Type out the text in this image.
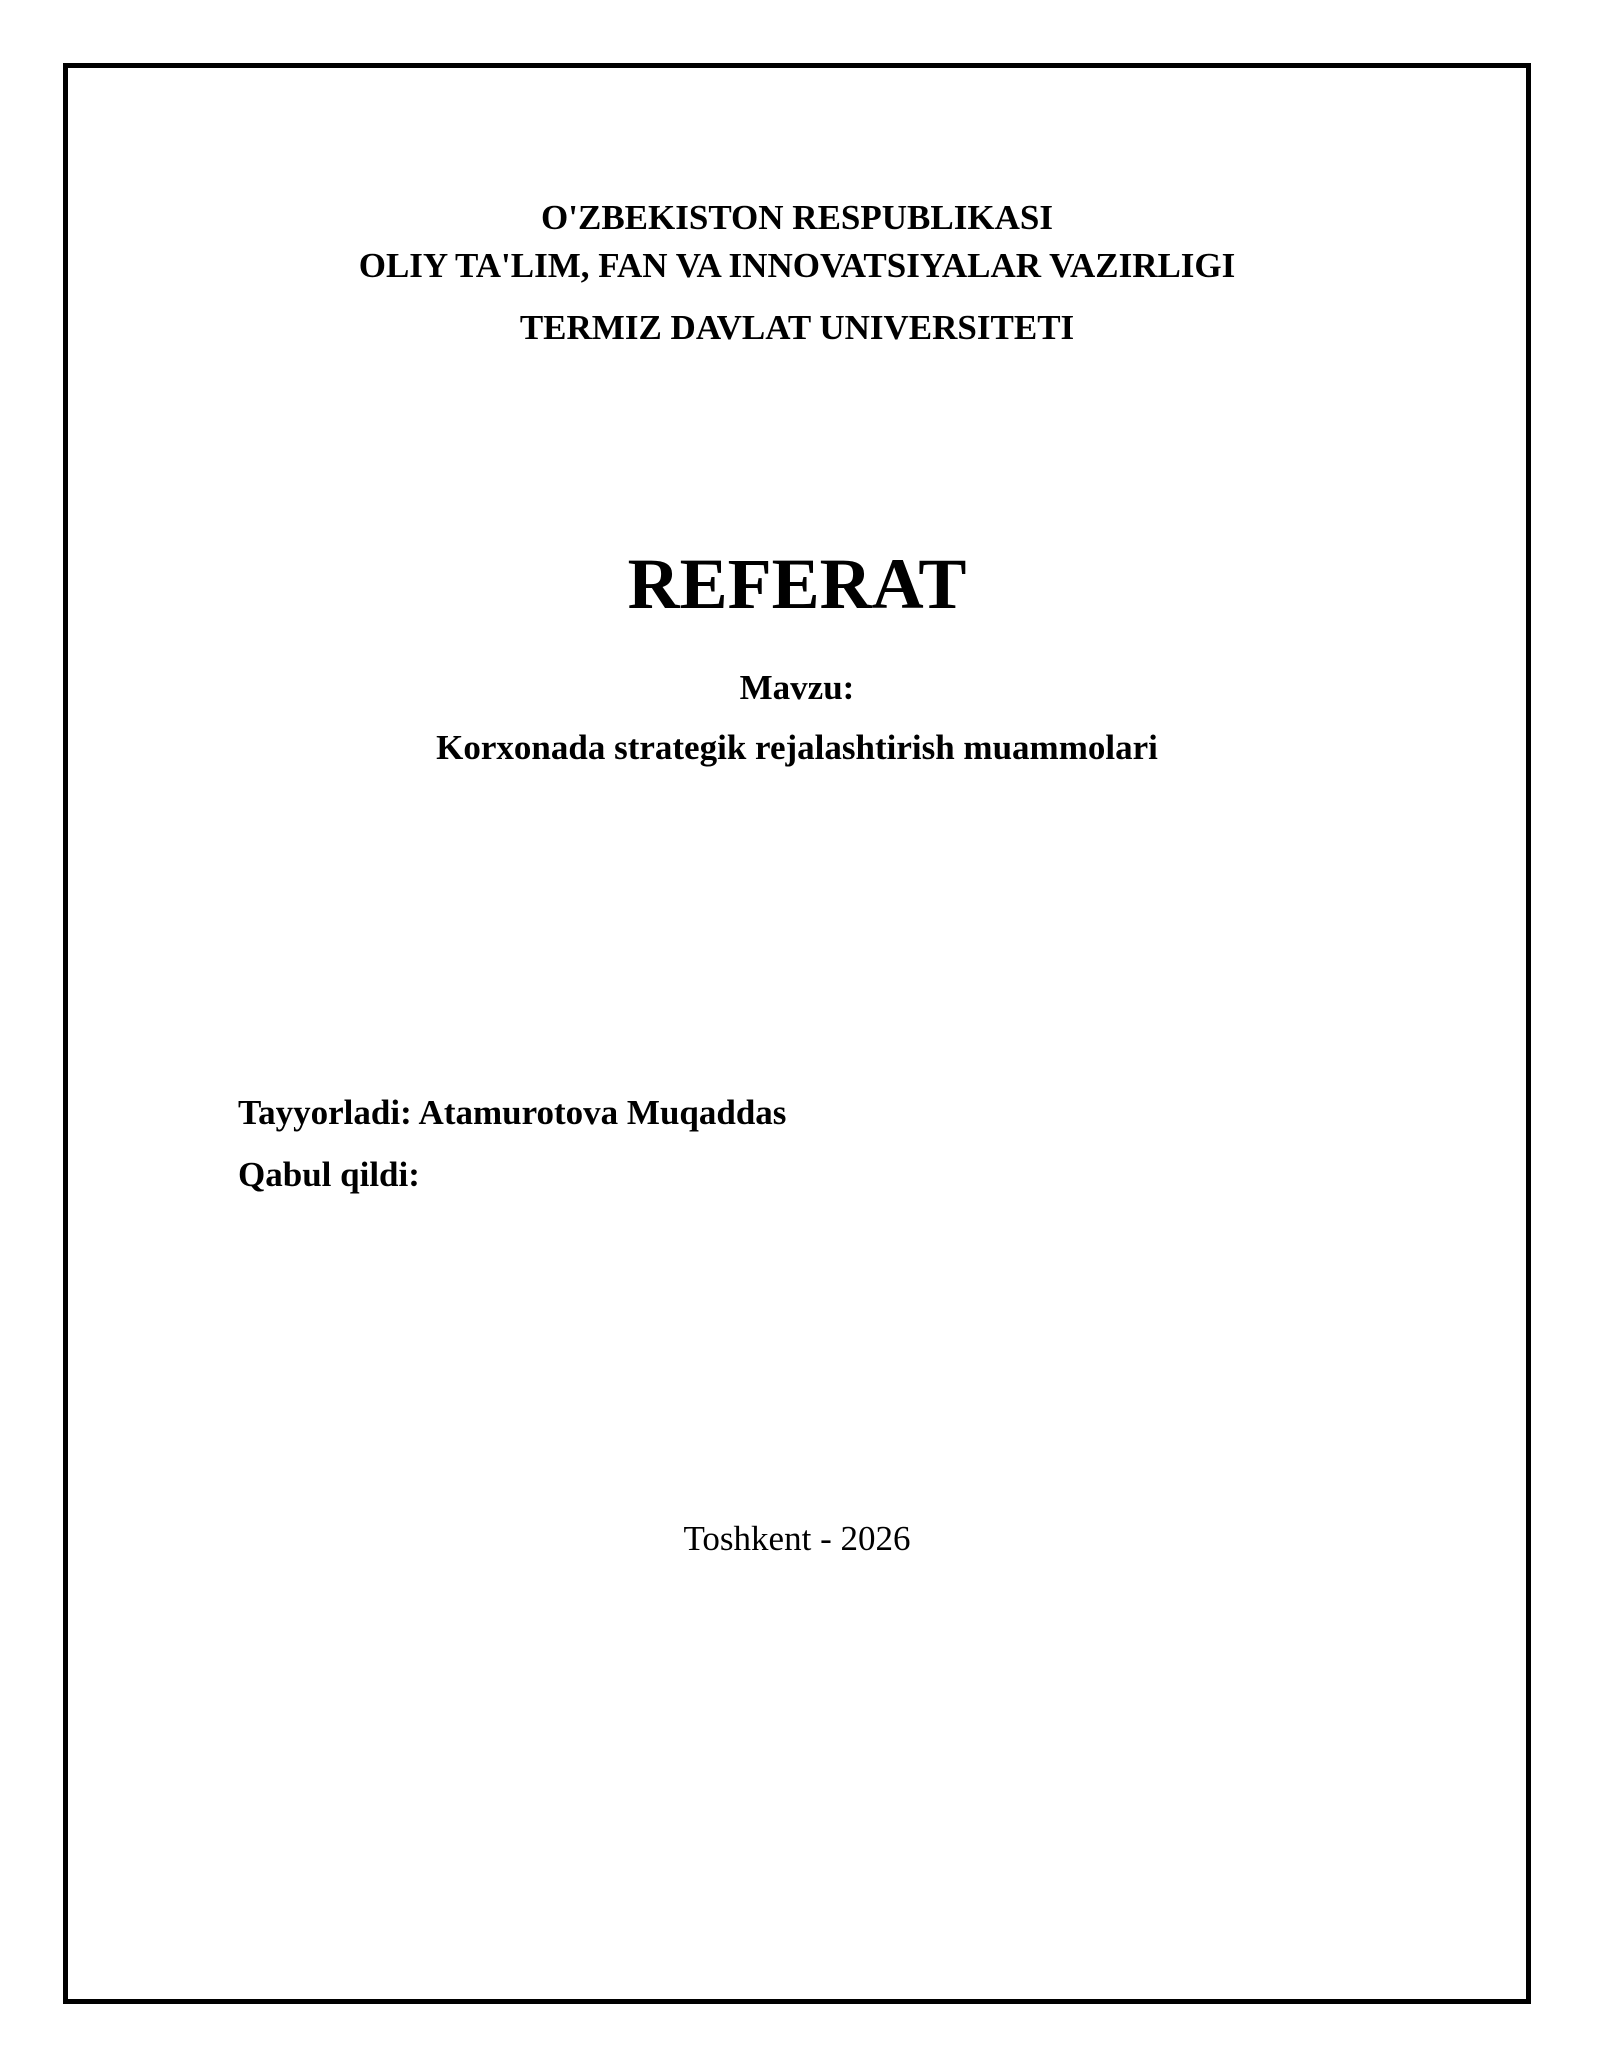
O'ZBEKISTON RESPUBLIKASI
OLIY TA'LIM, FAN VA INNOVATSIYALAR VAZIRLIGI
TERMIZ DAVLAT UNIVERSITETI
REFERAT
Mavzu:
Korxonada strategik rejalashtirish muammolari
Tayyorladi: Atamurotova Muqaddas
Qabul qildi:
Toshkent - 2026
